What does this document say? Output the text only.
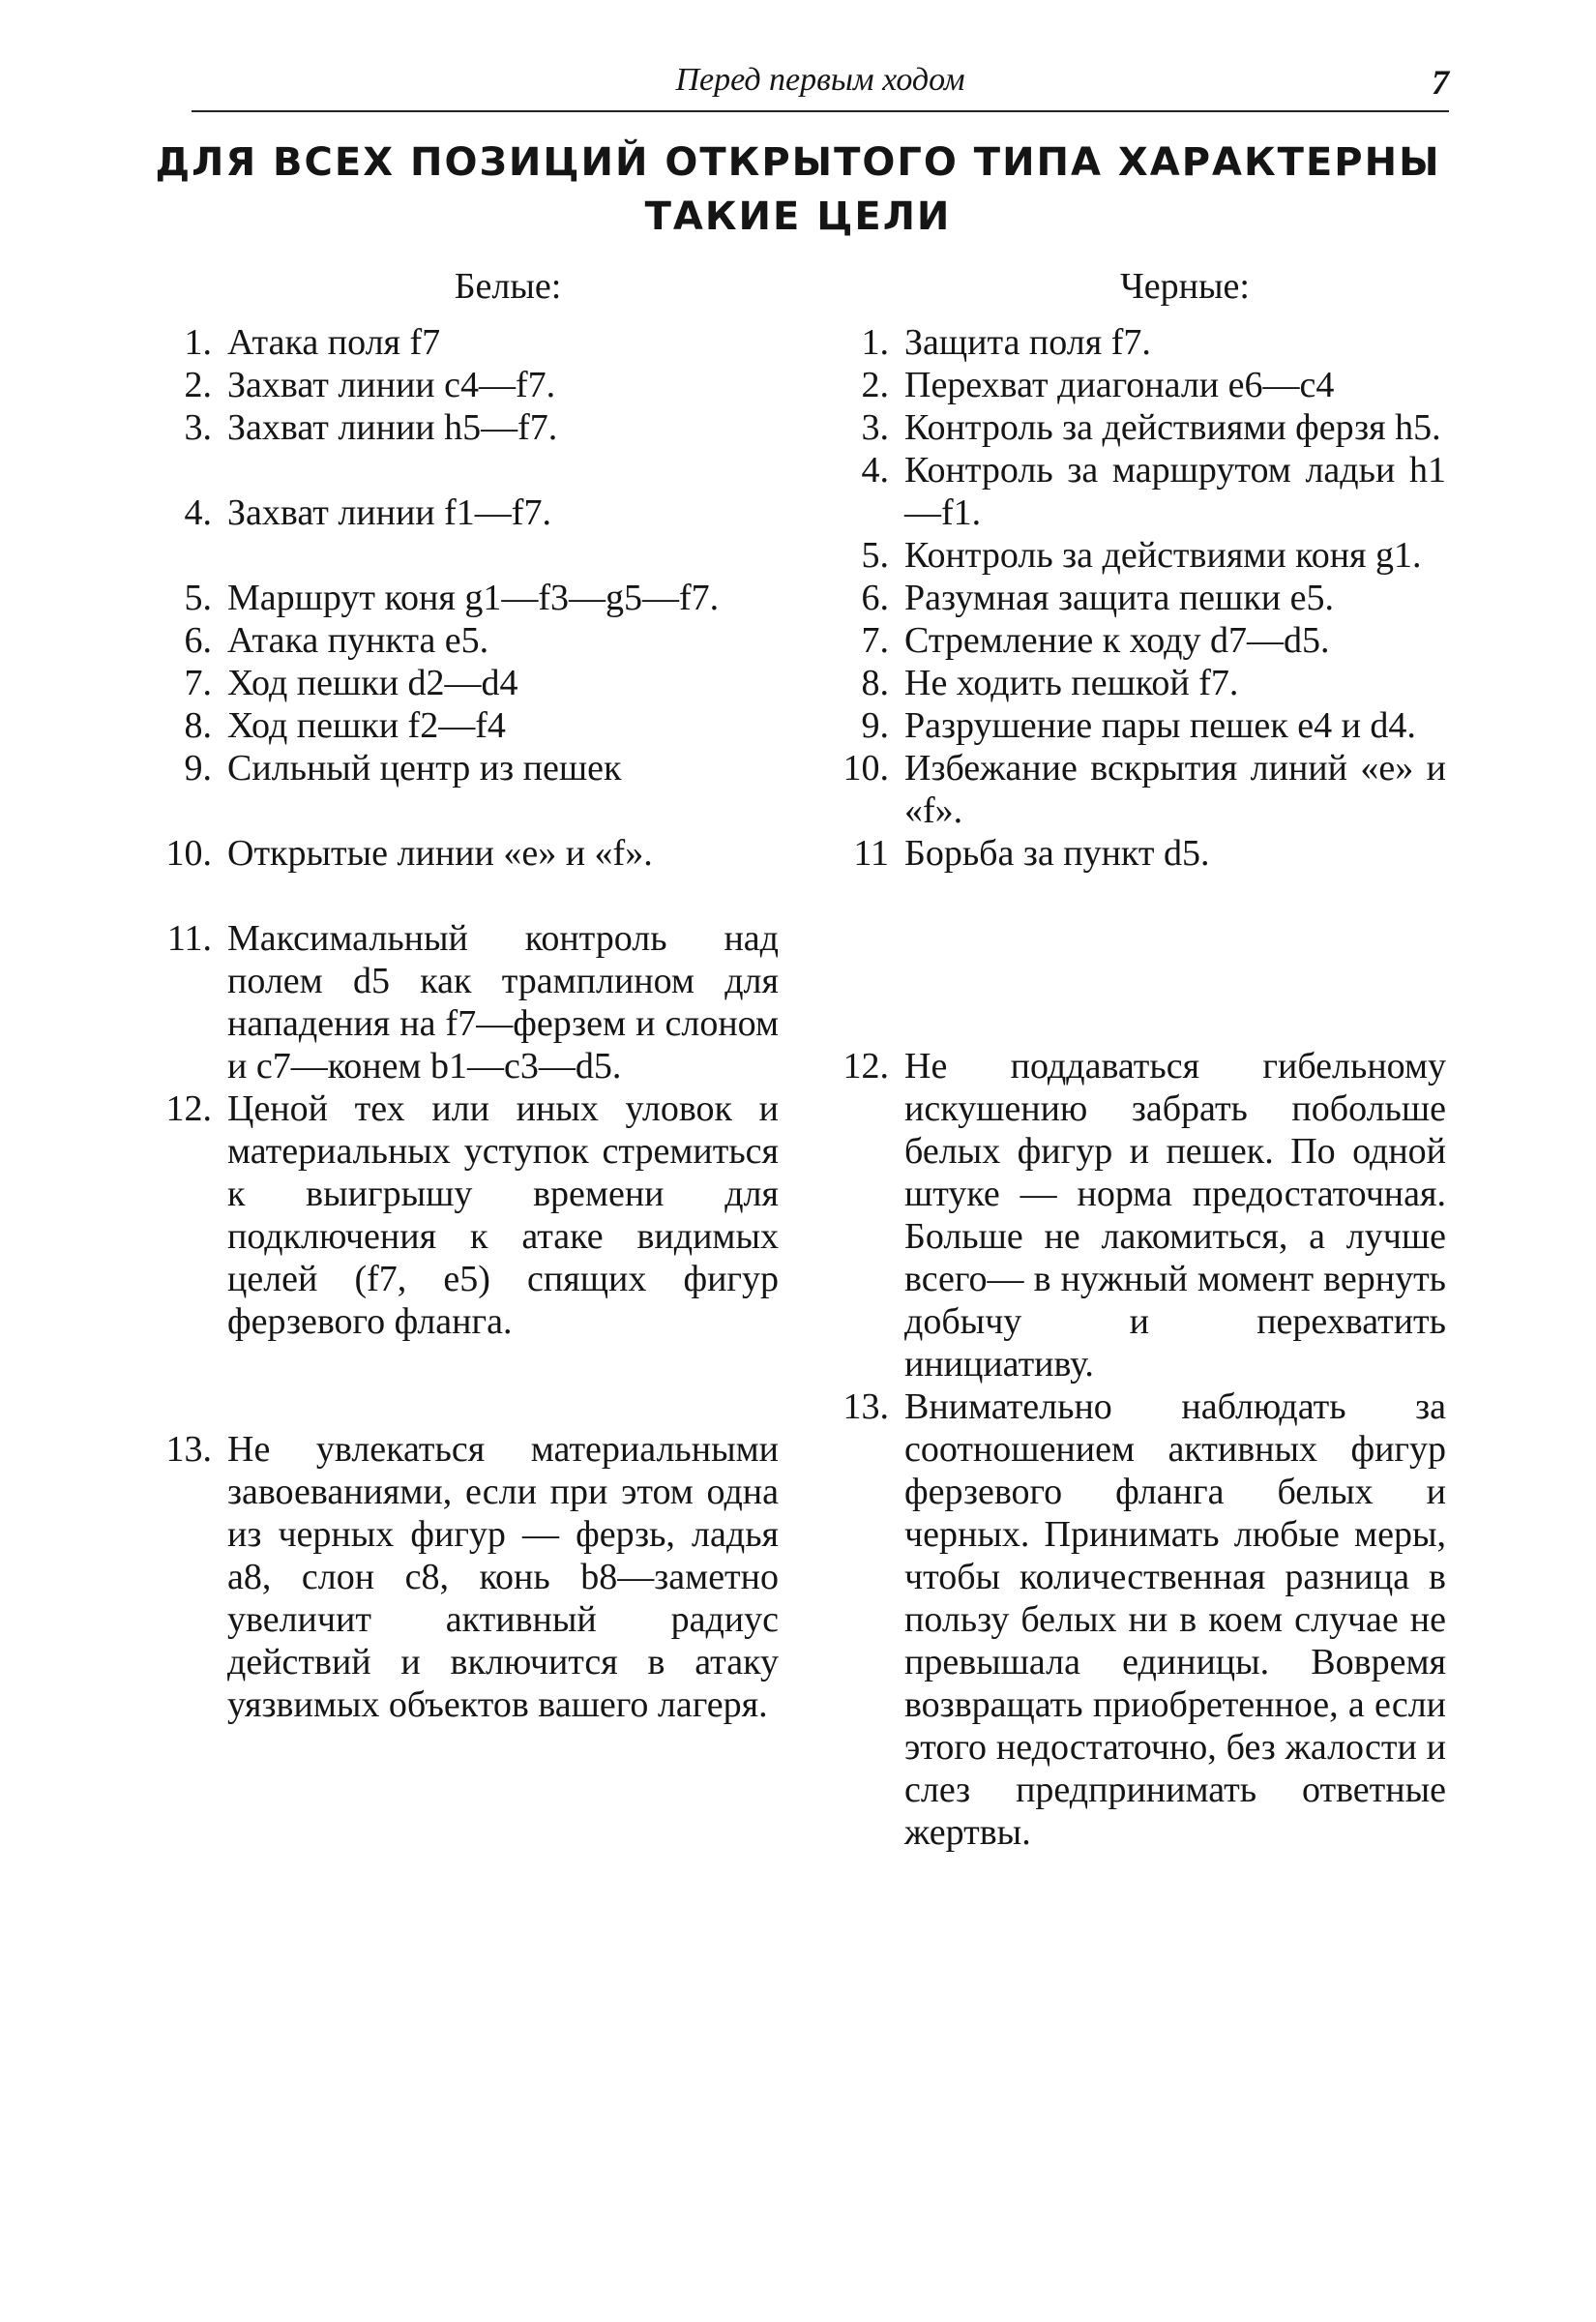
Перед первым ходом	7
ДЛЯ ВСЕХ ПОЗИЦИЙ ОТКРЫТОГО ТИПА ХАРАКТЕРНЫ
ТАКИЕ ЦЕЛИ
Белые:
1. Атака поля f7
2. Захват линии с4—f7.
3. Захват линии h5—f7.
4. Захват линии f1—f7.
5. Маршрут коня g1—f3—g5—f7.
6. Атака пункта е5.
7. Ход пешки d2—d4
8. Ход пешки f2—f4
9. Сильный центр из пешек
10. Открытые линии «е» и «f».
11. Максимальный контроль над полем d5 как трамплином для нападения на f7—ферзем и слоном и с7—конем b1—с3—d5.
12. Ценой тех или иных уловок и материальных уступок стремиться к выигрышу времени для подключения к атаке видимых целей (f7, е5) спящих фигур ферзевого фланга.
13. Не увлекаться материальными завоеваниями, если при этом одна из черных фигур — ферзь, ладья а8, слон с8, конь b8—заметно увеличит активный радиус действий и включится в атаку уязвимых объектов вашего лагеря.
Черные:
1. Защита поля f7.
2. Перехват диагонали е6—с4
3. Контроль за действиями ферзя h5.
4. Контроль за маршрутом ладьи h1—f1.
5. Контроль за действиями коня g1.
6. Разумная защита пешки е5.
7. Стремление к ходу d7—d5.
8. Не ходить пешкой f7.
9. Разрушение пары пешек е4 и d4.
10. Избежание вскрытия линий «е» и «f».
11 Борьба за пункт d5.
12. Не поддаваться гибельному искушению забрать побольше белых фигур и пешек. По одной штуке — норма предостаточная. Больше не лакомиться, а лучше всего— в нужный момент вернуть добычу и перехватить инициативу.
13. Внимательно наблюдать за соотношением активных фигур ферзевого фланга белых и черных. Принимать любые меры, чтобы количественная разница в пользу белых ни в коем случае не превышала единицы. Вовремя возвращать приобретенное, а если этого недостаточно, без жалости и слез предпринимать ответные жертвы.
